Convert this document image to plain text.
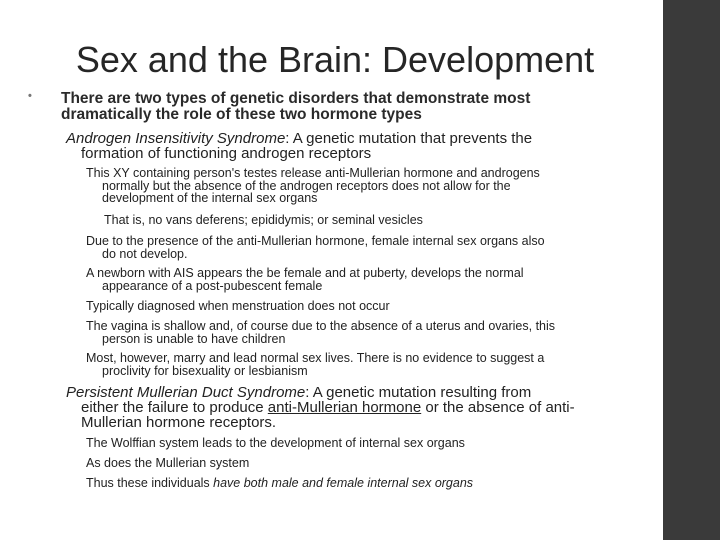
Sex and the Brain: Development
•	There are two types of genetic disorders that demonstrate most
dramatically the role of these two hormone types
Androgen Insensitivity Syndrome: A genetic mutation that prevents the
formation of functioning androgen receptors
This XY containing person's testes release anti-Mullerian hormone and androgens
normally but the absence of the androgen receptors does not allow for the
development of the internal sex organs
That is, no vans deferens; epididymis; or seminal vesicles
Due to the presence of the anti-Mullerian hormone, female internal sex organs also
do not develop.
A newborn with AIS appears the be female and at puberty, develops the normal
appearance of a post-pubescent female
Typically diagnosed when menstruation does not occur
The vagina is shallow and, of course due to the absence of a uterus and ovaries, this
person is unable to have children
Most, however, marry and lead normal sex lives. There is no evidence to suggest a
proclivity for bisexuality or lesbianism
Persistent Mullerian Duct Syndrome: A genetic mutation resulting from
either the failure to produce anti-Mullerian hormone or the absence of anti-
Mullerian hormone receptors.
The Wolffian system leads to the development of internal sex organs
As does the Mullerian system
Thus these individuals have both male and female internal sex organs
